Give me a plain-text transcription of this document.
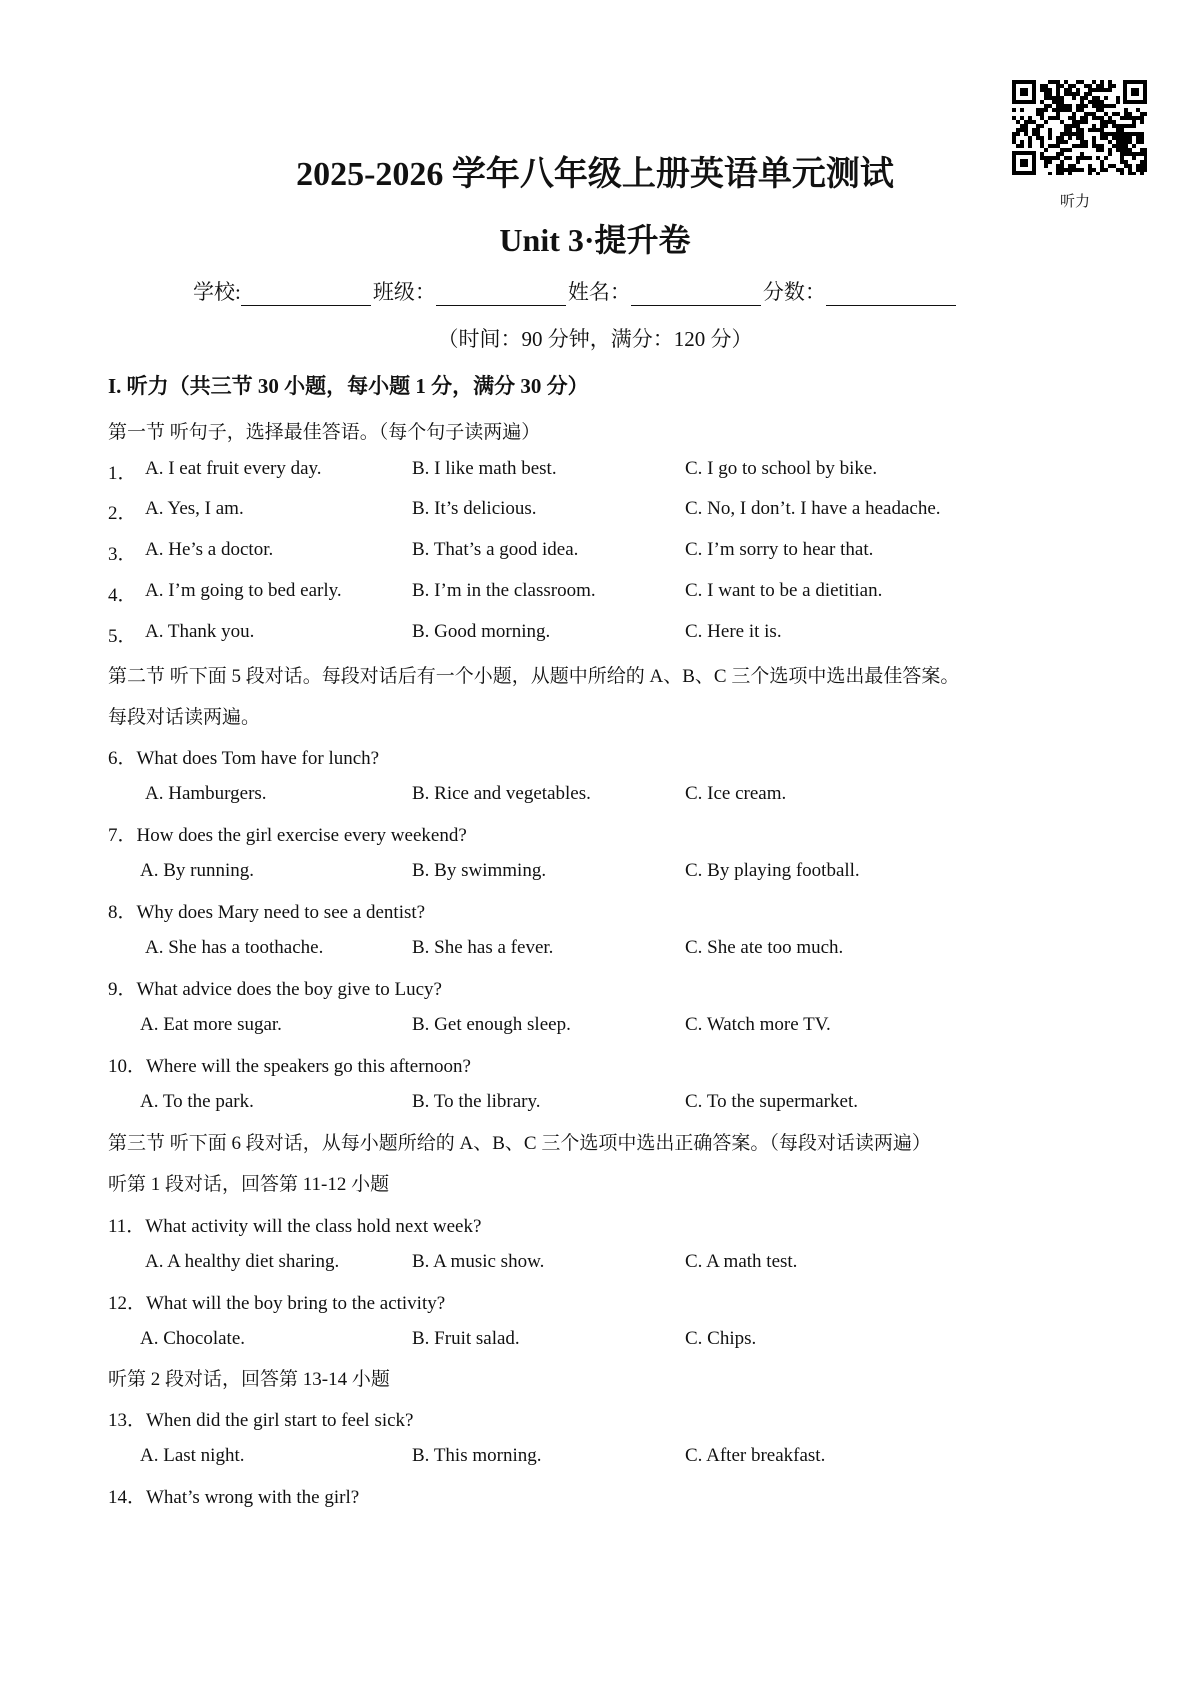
听力
2025-2026 学年八年级上册英语单元测试
Unit 3·提升卷
学校:	班级：	姓名：	分数：
（时间：90 分钟，满分：120 分）
I. 听力（共三节 30 小题，每小题 1 分，满分 30 分）
第一节 听句子，选择最佳答语。（每个句子读两遍）
1． A. I eat fruit every day.	B. I like math best.	C. I go to school by bike.
2． A. Yes, I am.	B. It’s delicious.	C. No, I don’t. I have a headache.
3． A. He’s a doctor.	B. That’s a good idea.	C. I’m sorry to hear that.
4． A. I’m going to bed early.	B. I’m in the classroom.	C. I want to be a dietitian.
5． A. Thank you.	B. Good morning.	C. Here it is.
第二节 听下面 5 段对话。每段对话后有一个小题，从题中所给的 A、B、C 三个选项中选出最佳答案。
每段对话读两遍。
6．What does Tom have for lunch?
A. Hamburgers.	B. Rice and vegetables.	C. Ice cream.
7．How does the girl exercise every weekend?
A. By running.	B. By swimming.	C. By playing football.
8．Why does Mary need to see a dentist?
A. She has a toothache.	B. She has a fever.	C. She ate too much.
9．What advice does the boy give to Lucy?
A. Eat more sugar.	B. Get enough sleep.	C. Watch more TV.
10．Where will the speakers go this afternoon?
A. To the park.	B. To the library.	C. To the supermarket.
第三节 听下面 6 段对话，从每小题所给的 A、B、C 三个选项中选出正确答案。（每段对话读两遍）
听第 1 段对话，回答第 11-12 小题
11．What activity will the class hold next week?
A. A healthy diet sharing.	B. A music show.	C. A math test.
12．What will the boy bring to the activity?
A. Chocolate.	B. Fruit salad.	C. Chips.
听第 2 段对话，回答第 13-14 小题
13．When did the girl start to feel sick?
A. Last night.	B. This morning.	C. After breakfast.
14．What’s wrong with the girl?
